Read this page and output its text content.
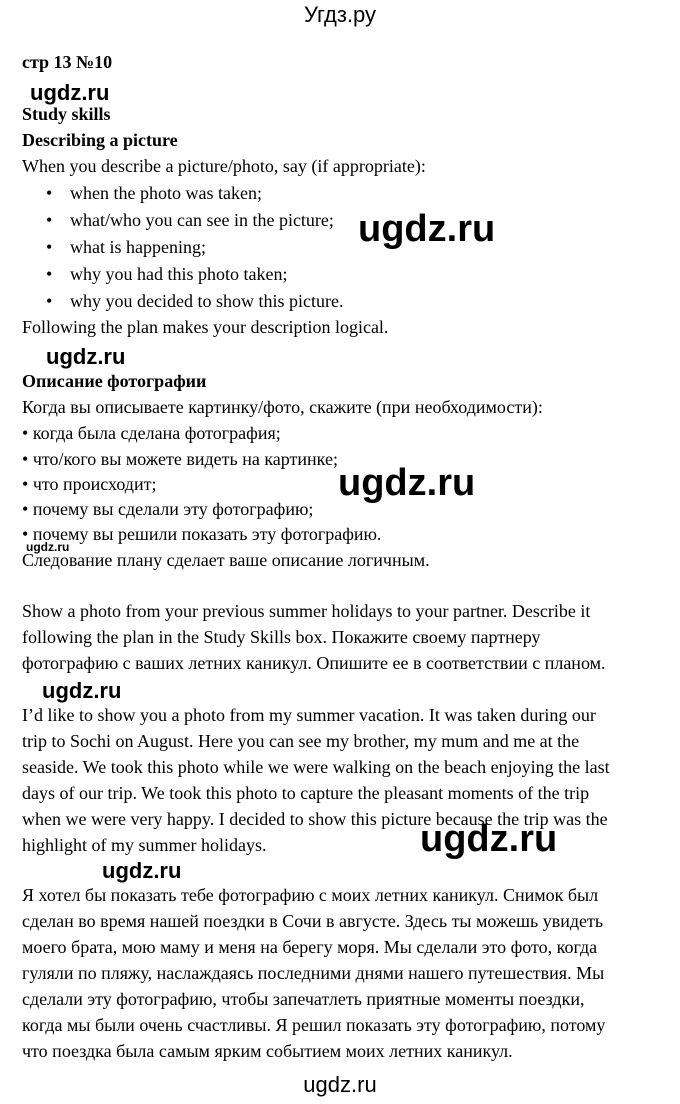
Угдз.ру
стр 13 №10
ugdz.ru
Study skills
Describing a picture
When you describe a picture/photo, say (if appropriate):
• when the photo was taken;
• what/who you can see in the picture;
• what is happening;
• why you had this photo taken;
• why you decided to show this picture.
ugdz.ru
Following the plan makes your description logical.
ugdz.ru
Описание фотографии
Когда вы описываете картинку/фото, скажите (при необходимости):
• когда была сделана фотография;
• что/кого вы можете видеть на картинке;
• что происходит;
• почему вы сделали эту фотографию;
• почему вы решили показать эту фотографию.
ugdz.ru
ugdz.ru
Следование плану сделает ваше описание логичным.
Show a photo from your previous summer holidays to your partner. Describe it
following the plan in the Study Skills box. Покажите своему партнеру
фотографию с ваших летних каникул. Опишите ее в соответствии с планом.
ugdz.ru
I’d like to show you a photo from my summer vacation. It was taken during our
trip to Sochi on August. Here you can see my brother, my mum and me at the
seaside. We took this photo while we were walking on the beach enjoying the last
days of our trip. We took this photo to capture the pleasant moments of the trip
when we were very happy. I decided to show this picture because the trip was the
highlight of my summer holidays.	ugdz.ru
ugdz.ru
Я хотел бы показать тебе фотографию с моих летних каникул. Снимок был
сделан во время нашей поездки в Сочи в августе. Здесь ты можешь увидеть
моего брата, мою маму и меня на берегу моря. Мы сделали это фото, когда
гуляли по пляжу, наслаждаясь последними днями нашего путешествия. Мы
сделали эту фотографию, чтобы запечатлеть приятные моменты поездки,
когда мы были очень счастливы. Я решил показать эту фотографию, потому
что поездка была самым ярким событием моих летних каникул.
ugdz.ru
